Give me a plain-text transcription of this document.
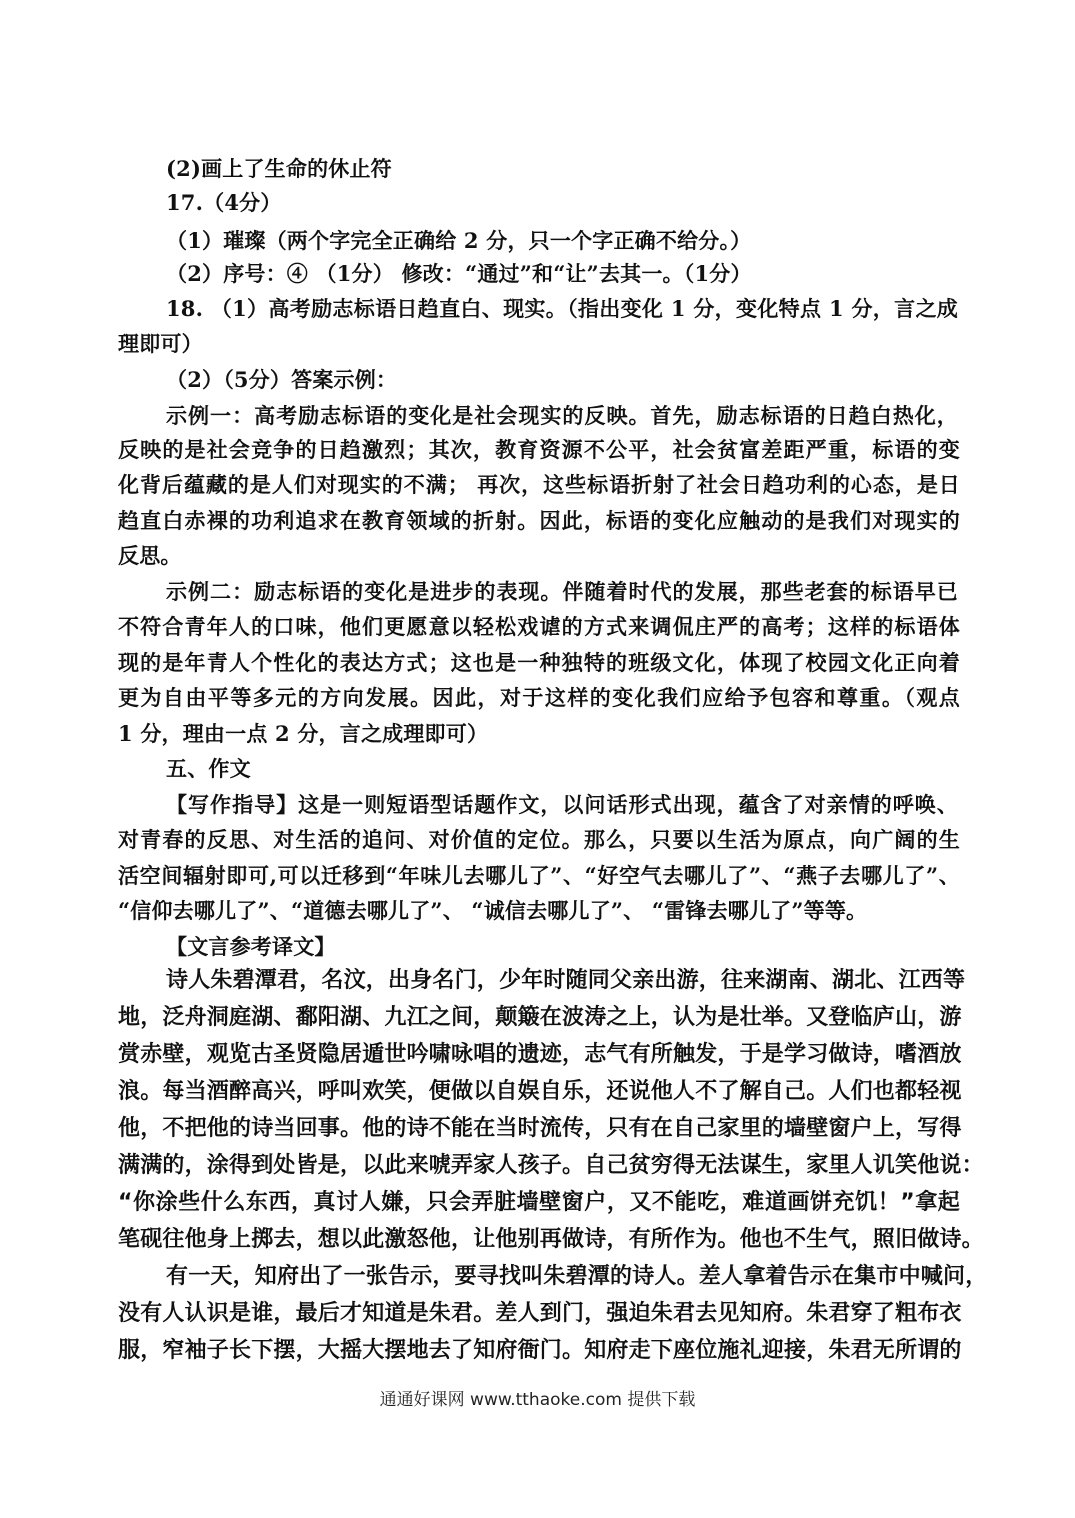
(2)画上了生命的休止符
17.（4分）
（1）璀璨（两个字完全正确给 2 分，只一个字正确不给分。）
（2）序号：④ （1分） 修改：“通过”和“让”去其一。（1分）
18. （1）高考励志标语日趋直白、现实。（指出变化 1 分，变化特点 1 分，言之成
理即可）
（2）（5分）答案示例：
示例一：高考励志标语的变化是社会现实的反映。首先，励志标语的日趋白热化，
反映的是社会竞争的日趋激烈；其次，教育资源不公平，社会贫富差距严重，标语的变
化背后蕴藏的是人们对现实的不满； 再次，这些标语折射了社会日趋功利的心态，是日
趋直白赤裸的功利追求在教育领域的折射。因此，标语的变化应触动的是我们对现实的
反思。
示例二：励志标语的变化是进步的表现。伴随着时代的发展，那些老套的标语早已
不符合青年人的口味，他们更愿意以轻松戏谑的方式来调侃庄严的高考；这样的标语体
现的是年青人个性化的表达方式；这也是一种独特的班级文化，体现了校园文化正向着
更为自由平等多元的方向发展。因此，对于这样的变化我们应给予包容和尊重。（观点
1 分，理由一点 2 分，言之成理即可）
五、作文
【写作指导】这是一则短语型话题作文，以问话形式出现，蕴含了对亲情的呼唤、
对青春的反思、对生活的追问、对价值的定位。那么，只要以生活为原点，向广阔的生
活空间辐射即可,可以迁移到“年味儿去哪儿了”、“好空气去哪儿了”、“燕子去哪儿了”、
“信仰去哪儿了”、“道德去哪儿了”、 “诚信去哪儿了”、 “雷锋去哪儿了”等等。
【文言参考译文】
诗人朱碧潭君，名汶，出身名门，少年时随同父亲出游，往来湖南、湖北、江西等
地，泛舟洞庭湖、鄱阳湖、九江之间，颠簸在波涛之上，认为是壮举。又登临庐山，游
赏赤壁，观览古圣贤隐居遁世吟啸咏唱的遗迹，志气有所触发，于是学习做诗，嗜酒放
浪。每当酒醉高兴，呼叫欢笑，便做以自娱自乐，还说他人不了解自己。人们也都轻视
他，不把他的诗当回事。他的诗不能在当时流传，只有在自己家里的墙壁窗户上，写得
满满的，涂得到处皆是，以此来唬弄家人孩子。自己贫穷得无法谋生，家里人讥笑他说：
“你涂些什么东西，真讨人嫌，只会弄脏墙壁窗户，又不能吃，难道画饼充饥！”拿起
笔砚往他身上掷去，想以此激怒他，让他别再做诗，有所作为。他也不生气，照旧做诗。
有一天，知府出了一张告示，要寻找叫朱碧潭的诗人。差人拿着告示在集市中喊问，
没有人认识是谁，最后才知道是朱君。差人到门，强迫朱君去见知府。朱君穿了粗布衣
服，窄袖子长下摆，大摇大摆地去了知府衙门。知府走下座位施礼迎接，朱君无所谓的
通通好课网 www.tthaoke.com 提供下载
